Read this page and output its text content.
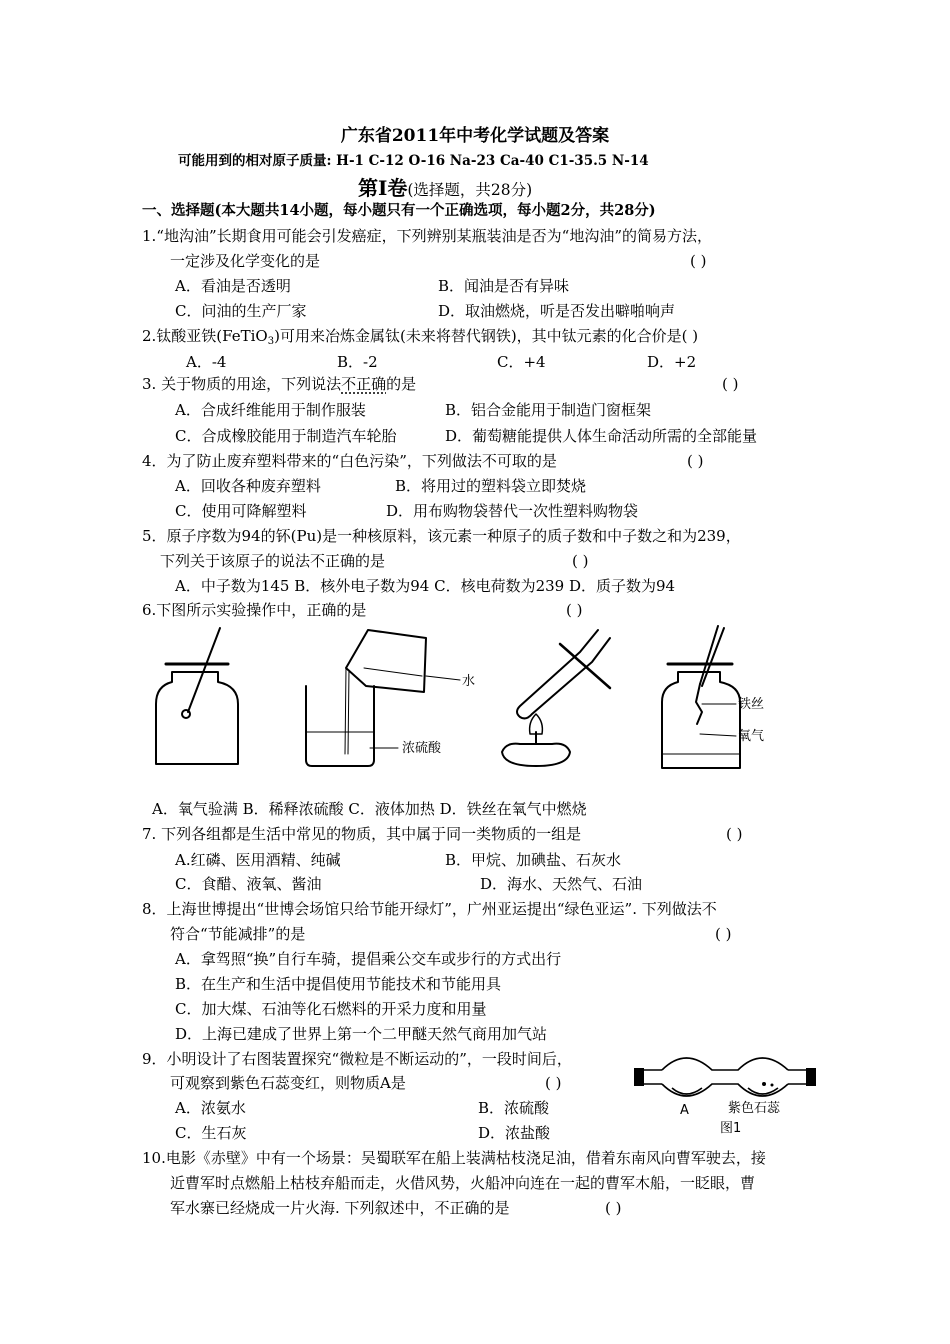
广东省2011年中考化学试题及答案
可能用到的相对原子质量: H-1 C-12 O-16 Na-23 Ca-40 C1-35.5 N-14
第Ⅰ卷(选择题，共28分)
一、选择题(本大题共14小题，每小题只有一个正确选项，每小题2分，共28分)
1.“地沟油”长期食用可能会引发癌症，下列辨别某瓶装油是否为“地沟油”的简易方法，
一定涉及化学变化的是	( )
A．看油是否透明	B．闻油是否有异味
C．问油的生产厂家	D．取油燃烧，听是否发出噼啪响声
2.钛酸亚铁(FeTiO$_3$)可用来冶炼金属钛(未来将替代钢铁)，其中钛元素的化合价是( )
A．-4	B．-2	C．+4	D．+2
3. 关于物质的用途，下列说法不正确的是	( )
A．合成纤维能用于制作服装	B．铝合金能用于制造门窗框架
C．合成橡胶能用于制造汽车轮胎	D．葡萄糖能提供人体生命活动所需的全部能量
4．为了防止废弃塑料带来的“白色污染”，下列做法不可取的是	( )
A．回收各种废弃塑料	B．将用过的塑料袋立即焚烧
C．使用可降解塑料	D．用布购物袋替代一次性塑料购物袋
5．原子序数为94的钚(Pu)是一种核原料，该元素一种原子的质子数和中子数之和为239，
下列关于该原子的说法不正确的是	( )
A．中子数为145 B．核外电子数为94 C．核电荷数为239 D．质子数为94
6.下图所示实验操作中，正确的是	( )
水
浓硫酸
铁丝
氧气
A．氧气验满 B．稀释浓硫酸 C．液体加热 D．铁丝在氧气中燃烧
7. 下列各组都是生活中常见的物质，其中属于同一类物质的一组是	( )
A.红磷、医用酒精、纯碱	B．甲烷、加碘盐、石灰水
C．食醋、液氧、酱油	D．海水、天然气、石油
8．上海世博提出“世博会场馆只给节能开绿灯”，广州亚运提出“绿色亚运”. 下列做法不
符合“节能减排”的是	( )
A．拿驾照“换”自行车骑，提倡乘公交车或步行的方式出行
B．在生产和生活中提倡使用节能技术和节能用具
C．加大煤、石油等化石燃料的开采力度和用量
D．上海已建成了世界上第一个二甲醚天然气商用加气站
9．小明设计了右图装置探究“微粒是不断运动的”，一段时间后，
可观察到紫色石蕊变红，则物质A是	( )
A．浓氨水	B．浓硫酸
C．生石灰	D．浓盐酸
A	紫色石蕊
图1
10.电影《赤壁》中有一个场景：吴蜀联军在船上装满枯枝浇足油，借着东南风向曹军驶去，接
近曹军时点燃船上枯枝弃船而走，火借风势，火船冲向连在一起的曹军木船，一眨眼，曹
军水寨已经烧成一片火海. 下列叙述中，不正确的是	( )
